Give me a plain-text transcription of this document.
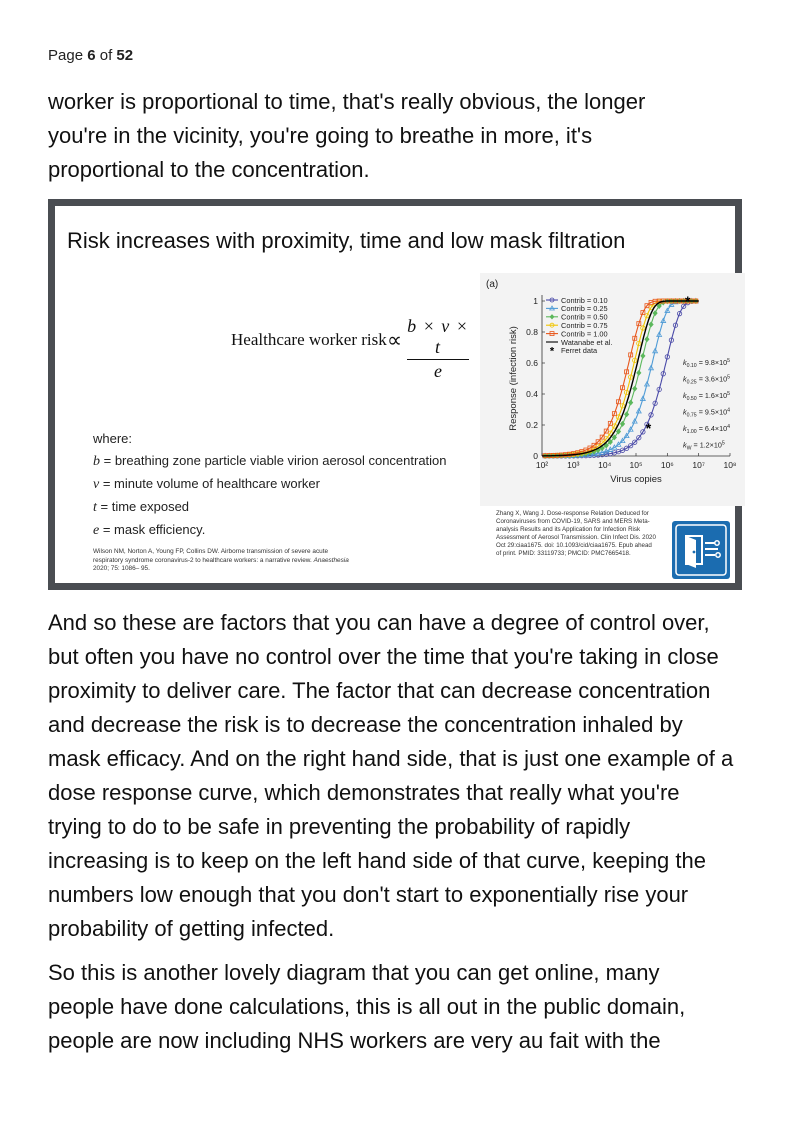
Page 6 of 52
worker is proportional to time, that's really obvious, the longer
you're in the vicinity, you're going to breathe in more, it's
proportional to the concentration.
Risk increases with proximity, time and low mask filtration
Healthcare worker risk ∝ $\frac{b \times v \times t}{e}$
where:
b = breathing zone particle viable virion aerosol concentration
v = minute volume of healthcare worker
t = time exposed
e = mask efficiency.
Wilson NM, Norton A, Young FP, Collins DW. Airborne transmission of severe acute respiratory syndrome coronavirus-2 to healthcare workers: a narrative review. Anaesthesia 2020; 75: 1086– 95.
(a)
0
0.2
0.4
0.6
0.8
1
10² 10³ 10⁴ 10⁵ 10⁶ 10⁷ 10⁸
Virus copies
Response (infection risk)	*
*
Contrib = 0.10
Contrib = 0.25
Contrib = 0.50
Contrib = 0.75
Contrib = 1.00
Watanabe et al.
* Ferret data
$k_{0.10} = 9.8\times 10^5$
$k_{0.25} = 3.6\times 10^5$
$k_{0.50} = 1.6\times 10^5$
$k_{0.75} = 9.5\times 10^4$
$k_{1.00} = 6.4\times 10^4$
$k_W = 1.2\times 10^5$
Zhang X, Wang J. Dose-response Relation Deduced for Coronaviruses from COVID-19, SARS and MERS Meta-analysis Results and its Application for Infection Risk Assessment of Aerosol Transmission. Clin Infect Dis. 2020 Oct 29:ciaa1675. doi: 10.1093/cid/ciaa1675. Epub ahead of print. PMID: 33119733; PMCID: PMC7665418.
And so these are factors that you can have a degree of control over,
but often you have no control over the time that you're taking in close
proximity to deliver care. The factor that can decrease concentration
and decrease the risk is to decrease the concentration inhaled by
mask efficacy. And on the right hand side, that is just one example of a
dose response curve, which demonstrates that really what you're
trying to do to be safe in preventing the probability of rapidly
increasing is to keep on the left hand side of that curve, keeping the
numbers low enough that you don't start to exponentially rise your
probability of getting infected.
So this is another lovely diagram that you can get online, many
people have done calculations, this is all out in the public domain,
people are now including NHS workers are very au fait with the
